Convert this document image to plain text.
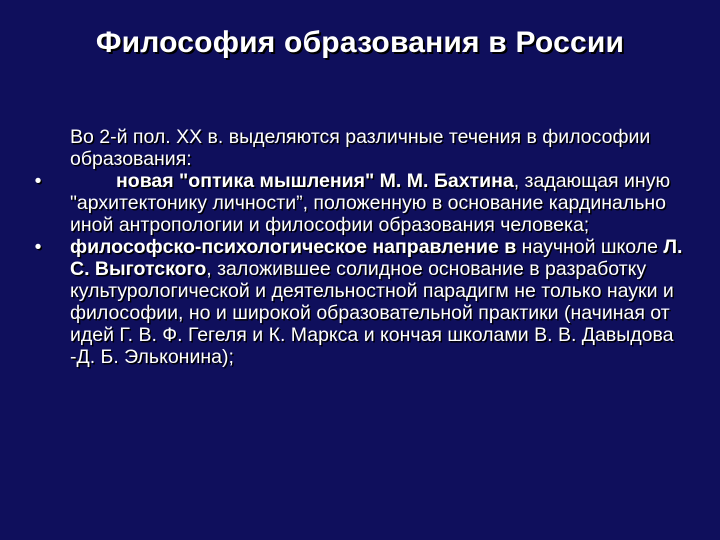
Философия образования в России

Во 2-й пол. XX в. выделяются различные течения в философии образования:

•	новая "оптика мышления" М. М. Бахтина, задающая иную "архитектонику личности”, положенную в основание кардинально иной антропологии и философии образования человека;
•	философско-психологическое направление в научной школе Л. С. Выготского, заложившее солидное основание в разработку культурологической и деятельностной парадигм не только науки и философии, но и широкой образовательной практики (начиная от идей Г. В. Ф. Гегеля и К. Маркса и кончая школами В. В. Давыдова -Д. Б. Эльконина);
